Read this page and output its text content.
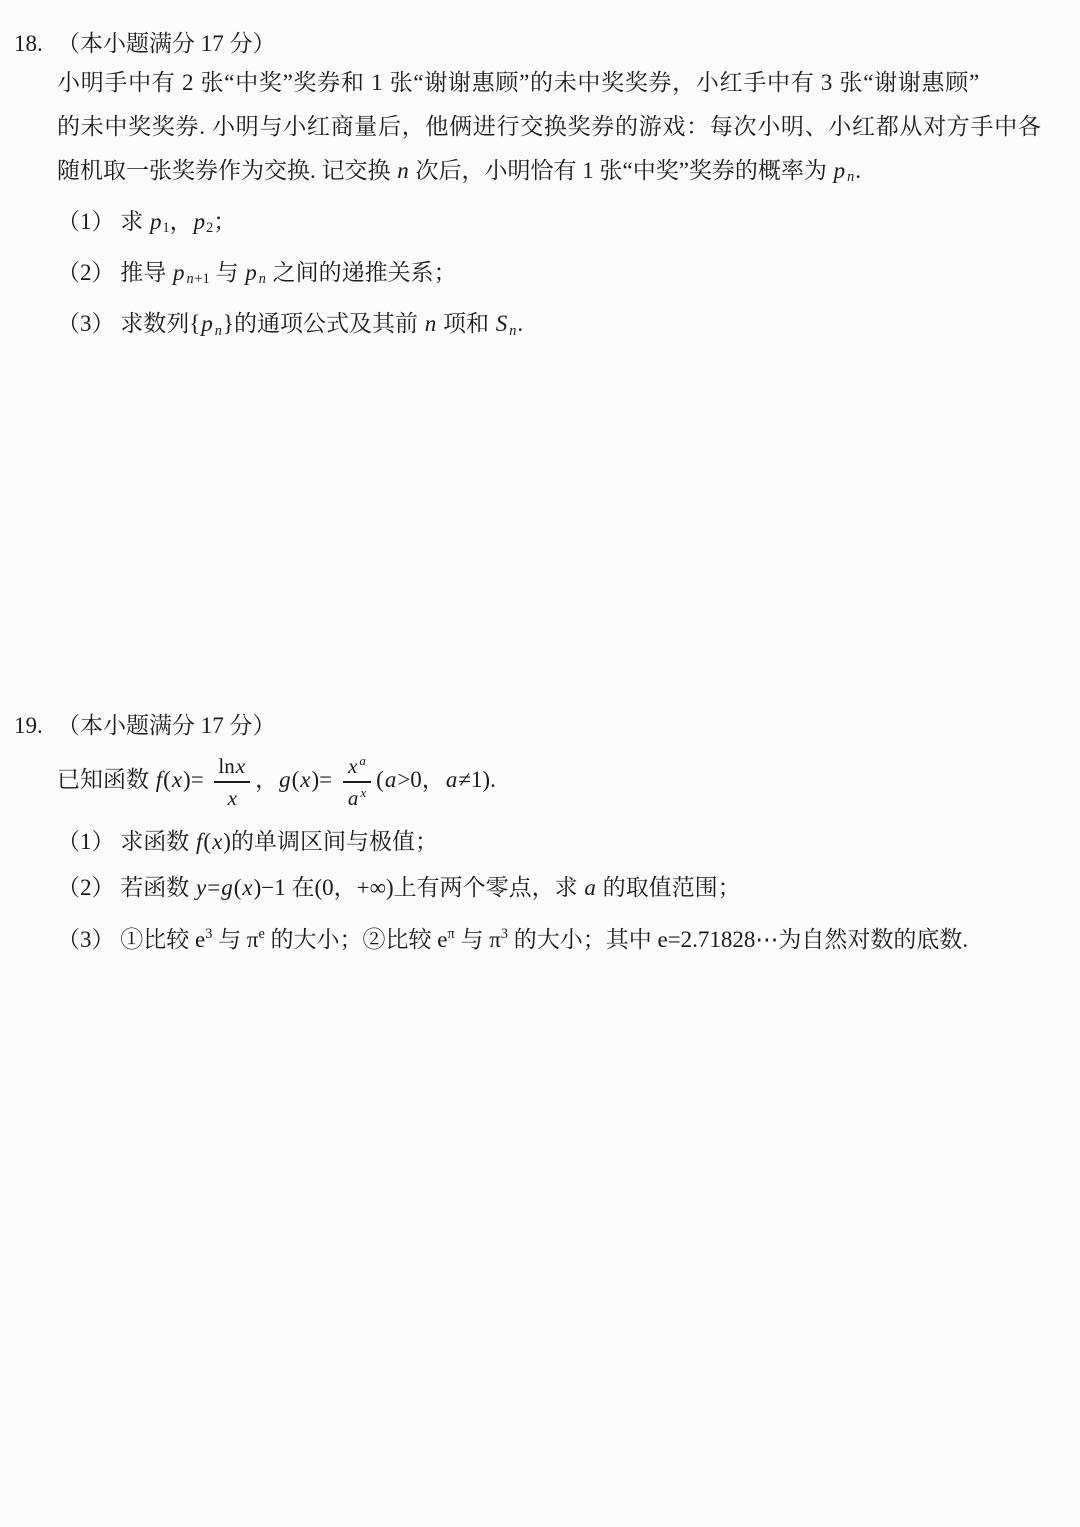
18. （本小题满分 17 分）
小明手中有 2 张“中奖”奖券和 1 张“谢谢惠顾”的未中奖奖券，小红手中有 3 张“谢谢惠顾”
的未中奖奖券. 小明与小红商量后，他俩进行交换奖券的游戏：每次小明、小红都从对方手中各
随机取一张奖券作为交换. 记交换 n 次后，小明恰有 1 张“中奖”奖券的概率为 p n.
（1） 求 p1，p2；
（2） 推导 p n+1 与 p n 之间的递推关系；
（3） 求数列{p n}的通项公式及其前 n 项和 S n.
19. （本小题满分 17 分）
已知函数 $f(x)= \frac{\ln x}{x}$ ，$g(x)= \frac{x ^a}{a ^x} (a>0$，a≠1).
（1） 求函数 f(x)的单调区间与极值；
（2） 若函数 y=g(x)−1 在(0，+∞)上有两个零点，求 a 的取值范围；
（3） ①比较 $e^3$ 与 $\pi^e$ 的大小；②比较 $e^\pi$ 与 $\pi^3$ 的大小；其中 e=2.71828⋯为自然对数的底数.
